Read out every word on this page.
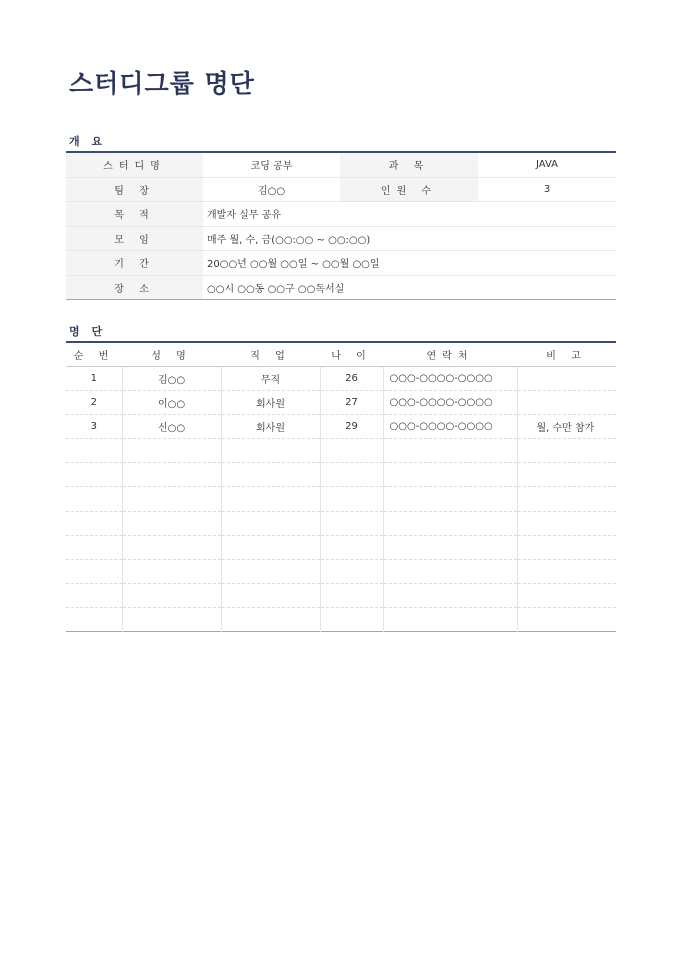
스터디그룹 명단
개 요
스터디명	코딩 공부	과 목	JAVA
팀 장	김○○	인원 수	3
목 적	개발자 실무 공유		
모 임	매주 월, 수, 금(○○:○○ ~ ○○:○○)		
기 간	20○○년 ○○월 ○○일 ~ ○○월 ○○일		
장 소	○○시 ○○동 ○○구 ○○독서실		
명 단
순 번	성 명	직 업	나 이	연락처	비 고
1	김○○	무직	26	○○○-○○○○-○○○○	
2	이○○	회사원	27	○○○-○○○○-○○○○	
3	신○○	회사원	29	○○○-○○○○-○○○○	월, 수만 참가
